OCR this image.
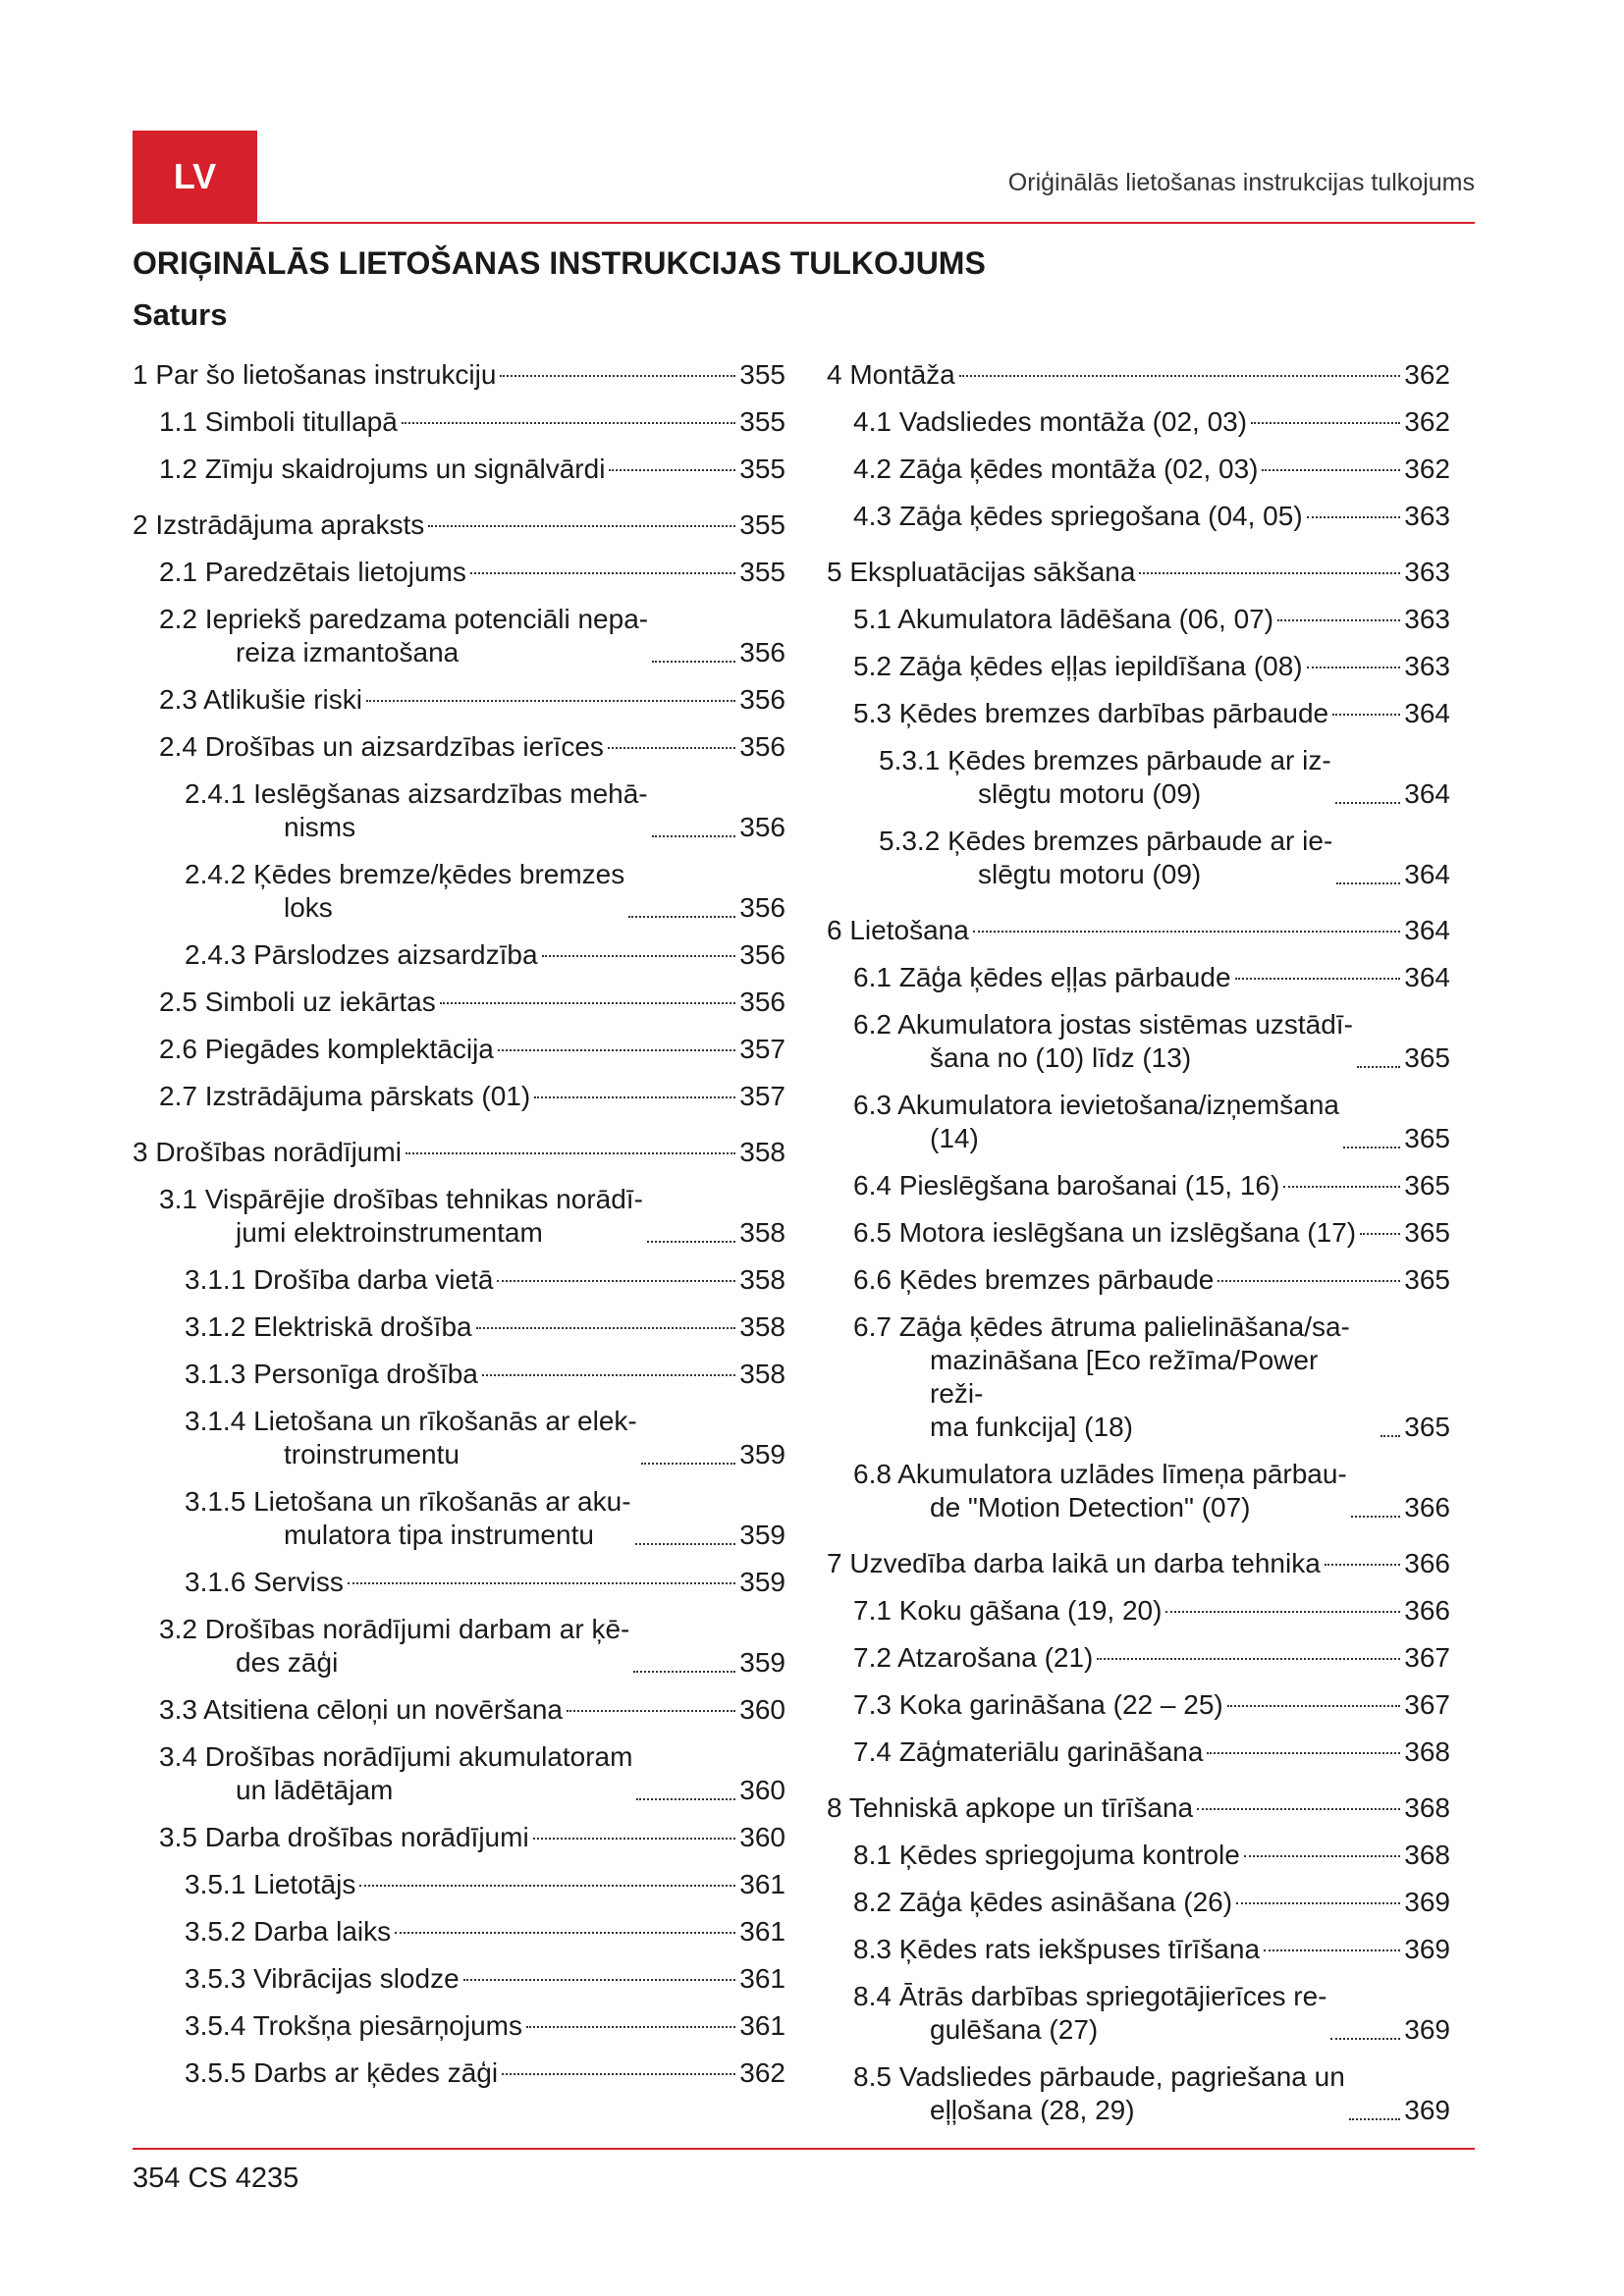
LV	Oriģinālās lietošanas instrukcijas tulkojums
ORIĢINĀLĀS LIETOŠANAS INSTRUKCIJAS TULKOJUMS
Saturs
1 Par šo lietošanas instrukciju	355
1.1 Simboli titullapā	355
1.2 Zīmju skaidrojums un signālvārdi	355
2 Izstrādājuma apraksts	355
2.1 Paredzētais lietojums	355
2.2 Iepriekš paredzama potenciāli nepa-
reiza izmantošana	356
2.3 Atlikušie riski	356
2.4 Drošības un aizsardzības ierīces	356
2.4.1 Ieslēgšanas aizsardzības mehā-
nisms	356
2.4.2 Ķēdes bremze/ķēdes bremzes
loks	356
2.4.3 Pārslodzes aizsardzība	356
2.5 Simboli uz iekārtas	356
2.6 Piegādes komplektācija	357
2.7 Izstrādājuma pārskats (01)	357
3 Drošības norādījumi	358
3.1 Vispārējie drošības tehnikas norādī-
jumi elektroinstrumentam	358
3.1.1 Drošība darba vietā	358
3.1.2 Elektriskā drošība	358
3.1.3 Personīga drošība	358
3.1.4 Lietošana un rīkošanās ar elek-
troinstrumentu	359
3.1.5 Lietošana un rīkošanās ar aku-
mulatora tipa instrumentu	359
3.1.6 Serviss	359
3.2 Drošības norādījumi darbam ar ķē-
des zāģi	359
3.3 Atsitiena cēloņi un novēršana	360
3.4 Drošības norādījumi akumulatoram
un lādētājam	360
3.5 Darba drošības norādījumi	360
3.5.1 Lietotājs	361
3.5.2 Darba laiks	361
3.5.3 Vibrācijas slodze	361
3.5.4 Trokšņa piesārņojums	361
3.5.5 Darbs ar ķēdes zāģi	362
4 Montāža	362
4.1 Vadsliedes montāža (02, 03)	362
4.2 Zāģa ķēdes montāža (02, 03)	362
4.3 Zāģa ķēdes spriegošana (04, 05)	363
5 Ekspluatācijas sākšana	363
5.1 Akumulatora lādēšana (06, 07)	363
5.2 Zāģa ķēdes eļļas iepildīšana (08)	363
5.3 Ķēdes bremzes darbības pārbaude	364
5.3.1 Ķēdes bremzes pārbaude ar iz-
slēgtu motoru (09)	364
5.3.2 Ķēdes bremzes pārbaude ar ie-
slēgtu motoru (09)	364
6 Lietošana	364
6.1 Zāģa ķēdes eļļas pārbaude	364
6.2 Akumulatora jostas sistēmas uzstādī-
šana no (10) līdz (13)	365
6.3 Akumulatora ievietošana/izņemšana
(14)	365
6.4 Pieslēgšana barošanai (15, 16)	365
6.5 Motora ieslēgšana un izslēgšana (17) 365
6.6 Ķēdes bremzes pārbaude	365
6.7 Zāģa ķēdes ātruma palielināšana/sa-
mazināšana [Eco režīma/Power reži-
ma funkcija] (18)	365
6.8 Akumulatora uzlādes līmeņa pārbau-
de "Motion Detection" (07)	366
7 Uzvedība darba laikā un darba tehnika	366
7.1 Koku gāšana (19, 20)	366
7.2 Atzarošana (21)	367
7.3 Koka garināšana (22 – 25)	367
7.4 Zāģmateriālu garināšana	368
8 Tehniskā apkope un tīrīšana	368
8.1 Ķēdes spriegojuma kontrole	368
8.2 Zāģa ķēdes asināšana (26)	369
8.3 Ķēdes rats iekšpuses tīrīšana	369
8.4 Ātrās darbības spriegotājierīces re-
gulēšana (27)	369
8.5 Vadsliedes pārbaude, pagriešana un
eļļošana (28, 29)	369
354 CS 4235
